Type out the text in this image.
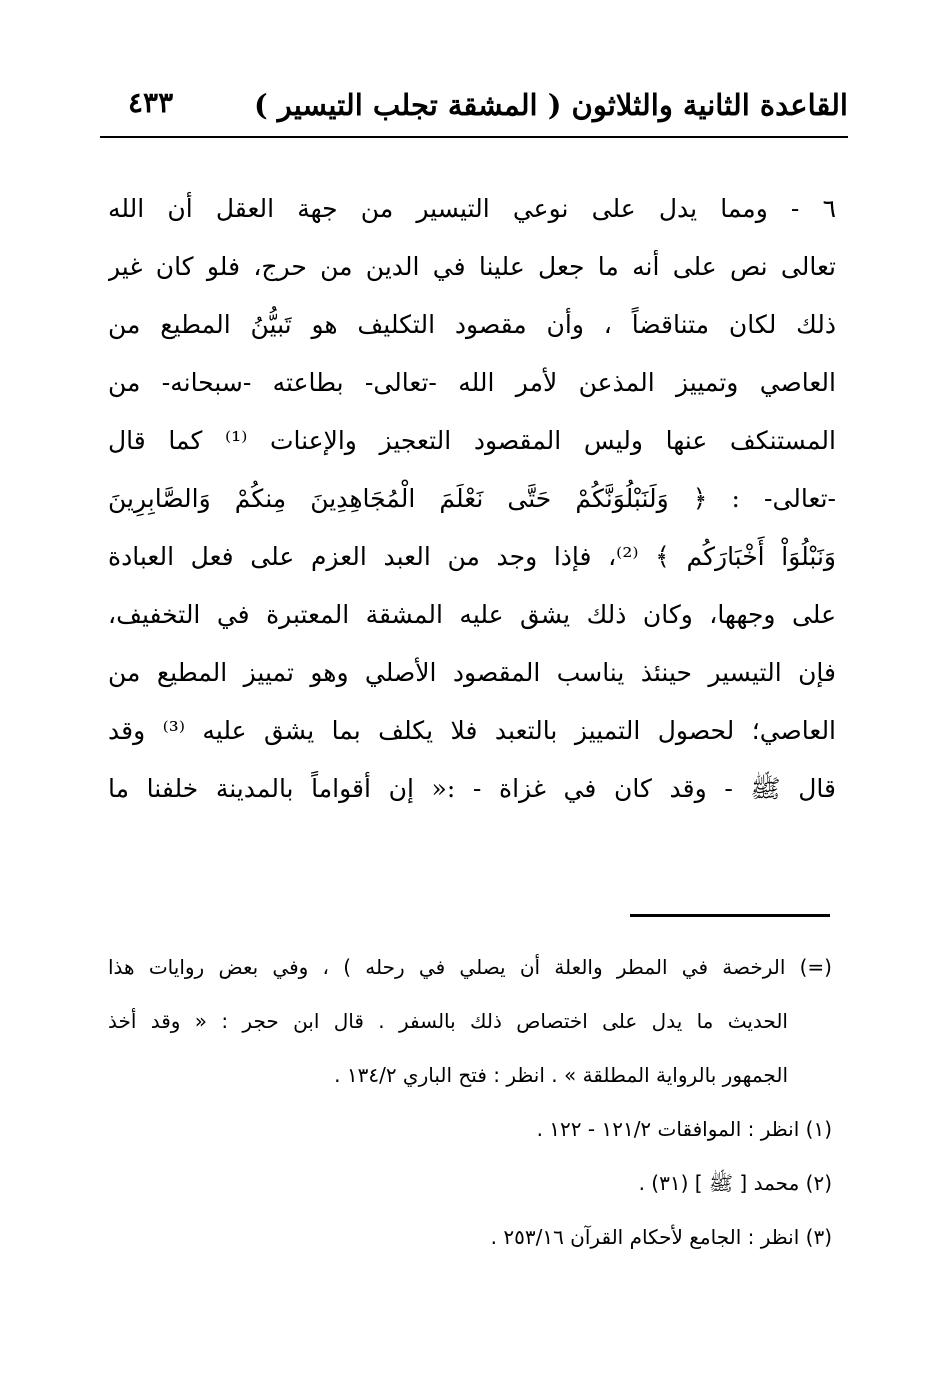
القاعدة الثانية والثلاثون ( المشقة تجلب التيسير )
٤٣٣
٦ - ومما يدل على نوعي التيسير من جهة العقل أن الله
تعالى نص على أنه ما جعل علينا في الدين من حرج، فلو كان غير
ذلك لكان متناقضاً ، وأن مقصود التكليف هو تَبيُّنُ المطيع من
العاصي وتمييز المذعن لأمر الله -تعالى- بطاعته -سبحانه- من
المستنكف عنها وليس المقصود التعجيز والإعنات ⁽¹⁾ كما قال
-تعالى- : ﴿ وَلَنَبْلُوَنَّكُمْ حَتَّى نَعْلَمَ الْمُجَاهِدِينَ مِنكُمْ وَالصَّابِرِينَ
وَنَبْلُوَاْ أَخْبَارَكُم ﴾ ⁽²⁾، فإذا وجد من العبد العزم على فعل العبادة
على وجهها، وكان ذلك يشق عليه المشقة المعتبرة في التخفيف،
فإن التيسير حينئذ يناسب المقصود الأصلي وهو تمييز المطيع من
العاصي؛ لحصول التمييز بالتعبد فلا يكلف بما يشق عليه ⁽³⁾ وقد
قال ﷺ - وقد كان في غزاة - :« إن أقواماً بالمدينة خلفنا ما
(=) الرخصة في المطر والعلة أن يصلي في رحله ) ، وفي بعض روايات هذا
الحديث ما يدل على اختصاص ذلك بالسفر . قال ابن حجر : « وقد أخذ
الجمهور بالرواية المطلقة » . انظر : فتح الباري ١٣٤/٢ .
(١) انظر : الموافقات ١٢١/٢ - ١٢٢ .
(٢) محمد [ ﷺ ] (٣١) .
(٣) انظر : الجامع لأحكام القرآن ٢٥٣/١٦ .
